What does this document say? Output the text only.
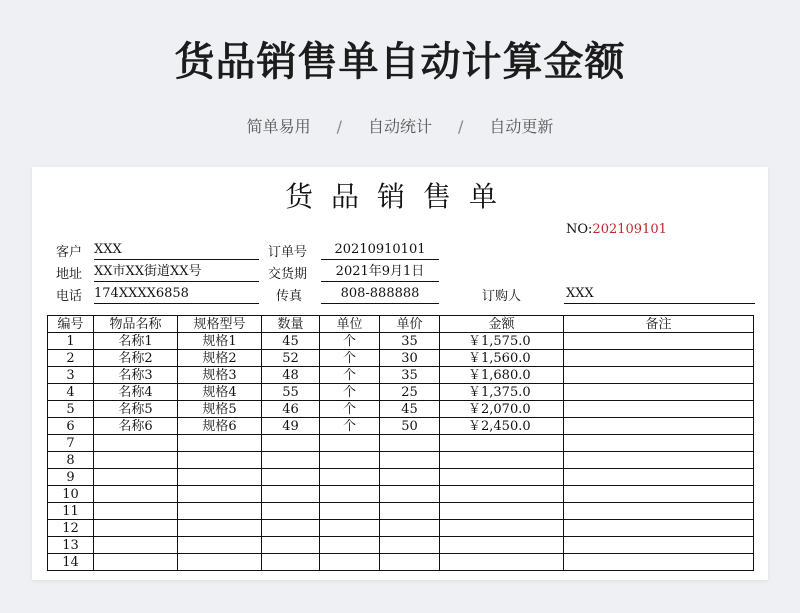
货品销售单自动计算金额
简单易用 / 自动统计 / 自动更新
货品销售单
NO:202109101
客户 XXX	订单号	20210910101
地址 XX市XX街道XX号	交货期	2021年9月1日
电话 174XXXX6858	传真	808-888888	订购人	XXX
编号	物品名称	规格型号	数量	单位	单价	金额	备注
1	名称1	规格1	45	个	35	￥1,575.0	
2	名称2	规格2	52	个	30	￥1,560.0	
3	名称3	规格3	48	个	35	￥1,680.0	
4	名称4	规格4	55	个	25	￥1,375.0	
5	名称5	规格5	46	个	45	￥2,070.0	
6	名称6	规格6	49	个	50	￥2,450.0	
7							
8							
9							
10							
11							
12							
13							
14							
